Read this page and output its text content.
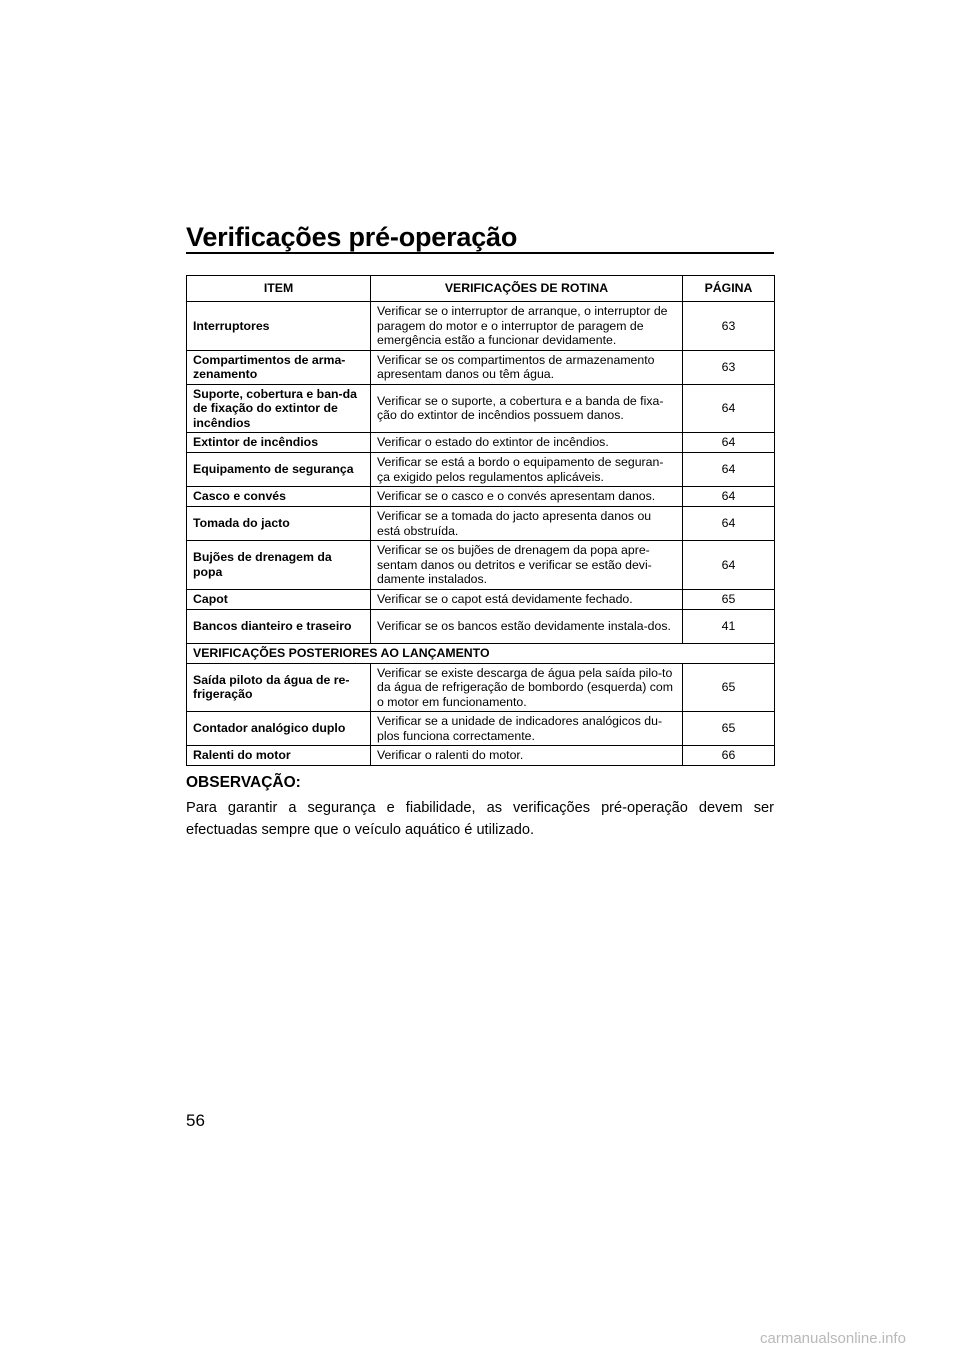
Verificações pré-operação
ITEM	VERIFICAÇÕES DE ROTINA	PÁGINA
Interruptores	Verificar se o interruptor de arranque, o interruptor de paragem do motor e o interruptor de paragem de emergência estão a funcionar devidamente.	63
Compartimentos de arma-zenamento	Verificar se os compartimentos de armazenamento apresentam danos ou têm água.	63
Suporte, cobertura e ban-da de fixação do extintor de incêndios	Verificar se o suporte, a cobertura e a banda de fixa-ção do extintor de incêndios possuem danos.	64
Extintor de incêndios	Verificar o estado do extintor de incêndios.	64
Equipamento de segurança	Verificar se está a bordo o equipamento de seguran-ça exigido pelos regulamentos aplicáveis.	64
Casco e convés	Verificar se o casco e o convés apresentam danos.	64
Tomada do jacto	Verificar se a tomada do jacto apresenta danos ou está obstruída.	64
Bujões de drenagem da popa	Verificar se os bujões de drenagem da popa apre-sentam danos ou detritos e verificar se estão devi-damente instalados.	64
Capot	Verificar se o capot está devidamente fechado.	65
Bancos dianteiro e traseiro	Verificar se os bancos estão devidamente instala-dos.	41
VERIFICAÇÕES POSTERIORES AO LANÇAMENTO		
Saída piloto da água de re-frigeração	Verificar se existe descarga de água pela saída pilo-to da água de refrigeração de bombordo (esquerda) com o motor em funcionamento.	65
Contador analógico duplo	Verificar se a unidade de indicadores analógicos du-plos funciona correctamente.	65
Ralenti do motor	Verificar o ralenti do motor.	66
OBSERVAÇÃO:

Para garantir a segurança e fiabilidade, as verificações pré-operação devem ser efectuadas sempre que o veículo aquático é utilizado.

56
carmanualsonline.info
